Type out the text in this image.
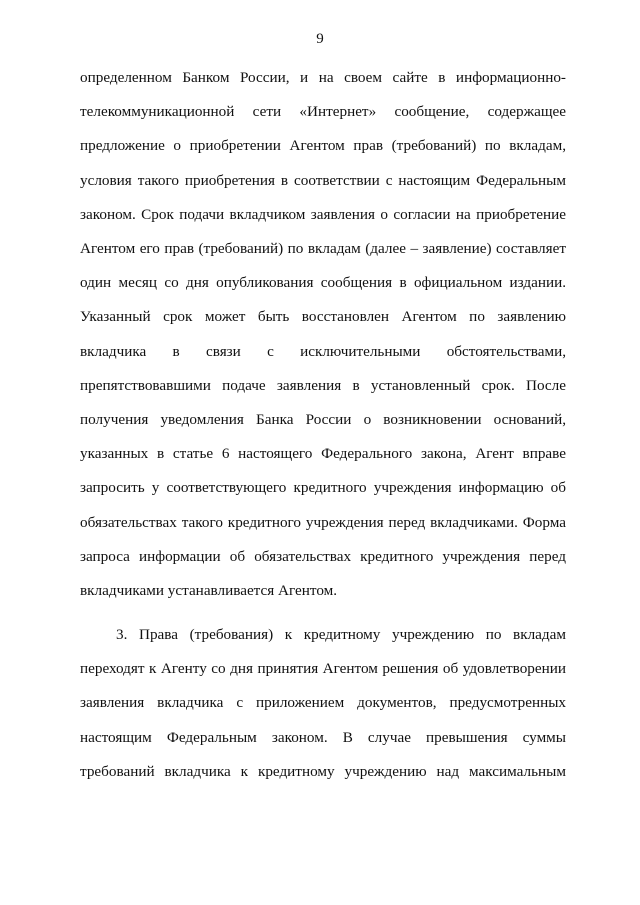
9
определенном Банком России, и на своем сайте в информационно-
телекоммуникационной сети «Интернет» сообщение, содержащее
предложение о приобретении Агентом прав (требований) по вкладам,
условия такого приобретения в соответствии с настоящим Федеральным
законом. Срок подачи вкладчиком заявления о согласии на приобретение
Агентом его прав (требований) по вкладам (далее – заявление) составляет
один месяц со дня опубликования сообщения в официальном издании.
Указанный срок может быть восстановлен Агентом по заявлению
вкладчика в связи с исключительными обстоятельствами,
препятствовавшими подаче заявления в установленный срок. После
получения уведомления Банка России о возникновении оснований,
указанных в статье 6 настоящего Федерального закона, Агент вправе
запросить у соответствующего кредитного учреждения информацию об
обязательствах такого кредитного учреждения перед вкладчиками. Форма
запроса информации об обязательствах кредитного учреждения перед
вкладчиками устанавливается Агентом.
3. Права (требования) к кредитному учреждению по вкладам
переходят к Агенту со дня принятия Агентом решения об удовлетворении
заявления вкладчика с приложением документов, предусмотренных
настоящим Федеральным законом. В случае превышения суммы
требований вкладчика к кредитному учреждению над максимальным
